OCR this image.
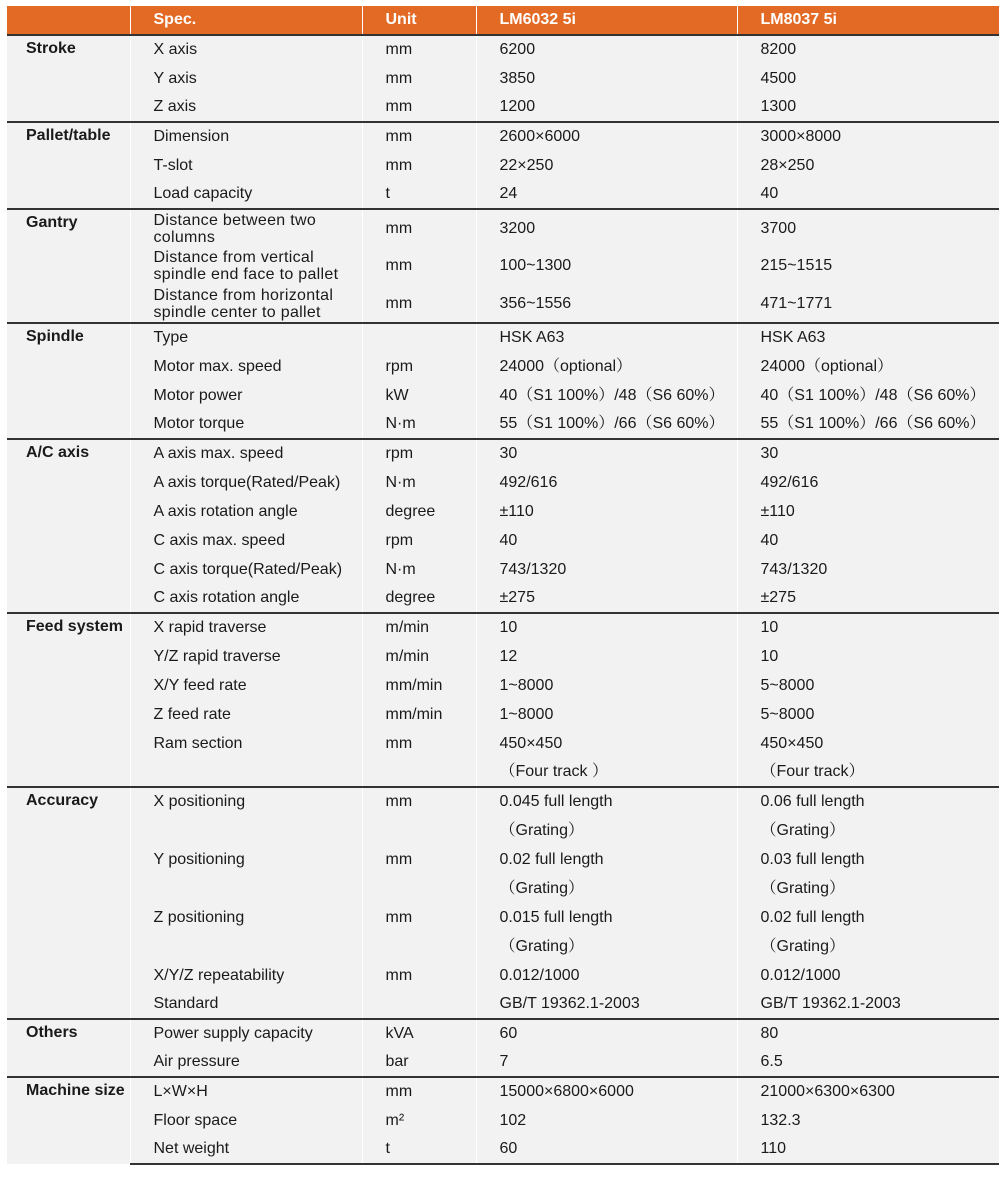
	Spec.	Unit	LM6032 5i	LM8037 5i
Stroke	X axis	mm	6200	8200
	Y axis	mm	3850	4500
	Z axis	mm	1200	1300
Pallet/table	Dimension	mm	2600×6000	3000×8000
	T-slot	mm	22×250	28×250
	Load capacity	t	24	40
Gantry	Distance between two columns	mm	3200	3700
	Distance from vertical spindle end face to pallet	mm	100~1300	215~1515
	Distance from horizontal spindle center to pallet	mm	356~1556	471~1771
Spindle	Type		HSK A63	HSK A63
	Motor max. speed	rpm	24000（optional）	24000（optional）
	Motor power	kW	40（S1 100%）/48（S6 60%）	40（S1 100%）/48（S6 60%）
	Motor torque	N·m	55（S1 100%）/66（S6 60%）	55（S1 100%）/66（S6 60%）
A/C axis	A axis max. speed	rpm	30	30
	A axis torque(Rated/Peak)	N·m	492/616	492/616
	A axis rotation angle	degree	±110	±110
	C axis max. speed	rpm	40	40
	C axis torque(Rated/Peak)	N·m	743/1320	743/1320
	C axis rotation angle	degree	±275	±275
Feed system	X rapid traverse	m/min	10	10
	Y/Z rapid traverse	m/min	12	10
	X/Y feed rate	mm/min	1~8000	5~8000
	Z feed rate	mm/min	1~8000	5~8000
	Ram section	mm	450×450	450×450
			（Four track ）	（Four track）
Accuracy	X positioning	mm	0.045 full length	0.06 full length
			（Grating）	（Grating）
	Y positioning	mm	0.02 full length	0.03 full length
			（Grating）	（Grating）
	Z positioning	mm	0.015 full length	0.02 full length
			（Grating）	（Grating）
	X/Y/Z repeatability	mm	0.012/1000	0.012/1000
	Standard		GB/T 19362.1-2003	GB/T 19362.1-2003
Others	Power supply capacity	kVA	60	80
	Air pressure	bar	7	6.5
Machine size	L×W×H	mm	15000×6800×6000	21000×6300×6300
	Floor space	m²	102	132.3
	Net weight	t	60	110
